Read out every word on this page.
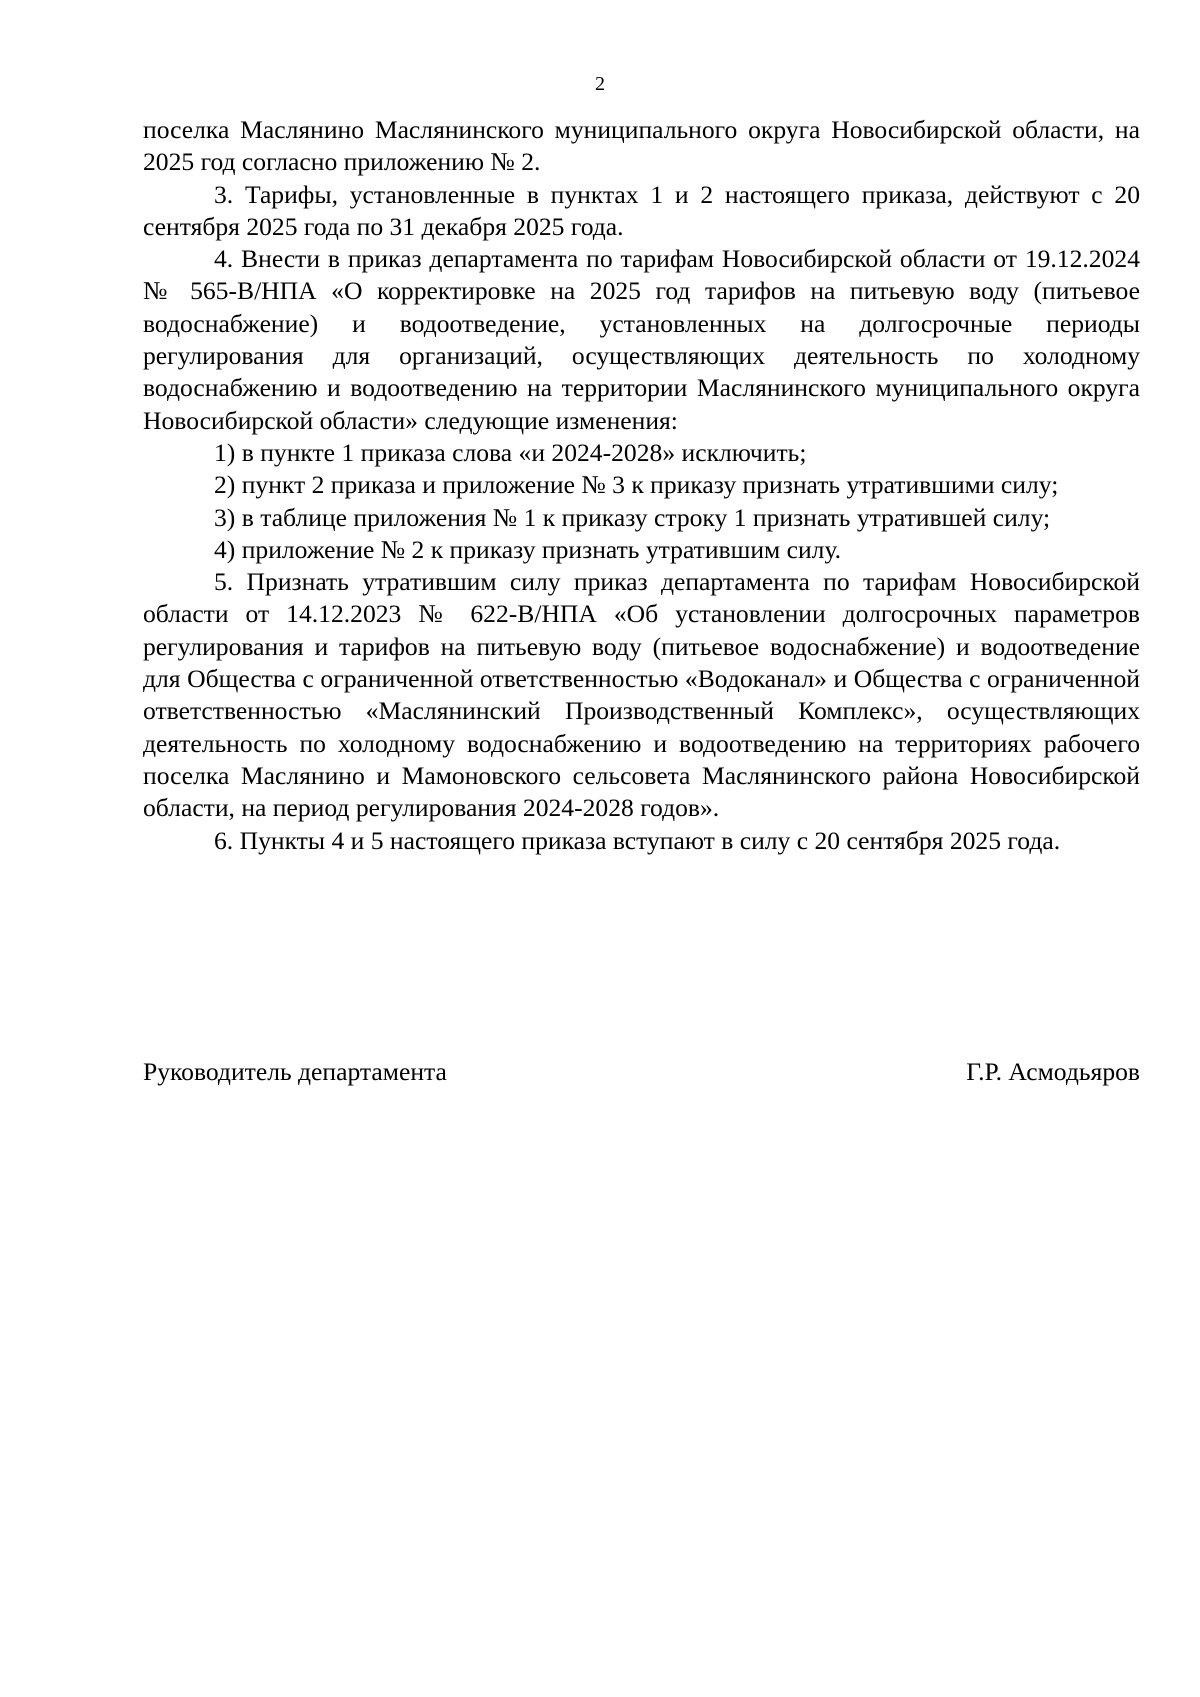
2

поселка Маслянино Маслянинского муниципального округа Новосибирской области, на 2025 год согласно приложению № 2.

3. Тарифы, установленные в пунктах 1 и 2 настоящего приказа, действуют с 20 сентября 2025 года по 31 декабря 2025 года.

4. Внести в приказ департамента по тарифам Новосибирской области от 19.12.2024 № 565-В/НПА «О корректировке на 2025 год тарифов на питьевую воду (питьевое водоснабжение) и водоотведение, установленных на долгосрочные периоды регулирования для организаций, осуществляющих деятельность по холодному водоснабжению и водоотведению на территории Маслянинского муниципального округа Новосибирской области» следующие изменения:

1) в пункте 1 приказа слова «и 2024-2028» исключить;

2) пункт 2 приказа и приложение № 3 к приказу признать утратившими силу;

3) в таблице приложения № 1 к приказу строку 1 признать утратившей силу;

4) приложение № 2 к приказу признать утратившим силу.

5. Признать утратившим силу приказ департамента по тарифам Новосибирской области от 14.12.2023 № 622-В/НПА «Об установлении долгосрочных параметров регулирования и тарифов на питьевую воду (питьевое водоснабжение) и водоотведение для Общества с ограниченной ответственностью «Водоканал» и Общества с ограниченной ответственностью «Маслянинский Производственный Комплекс», осуществляющих деятельность по холодному водоснабжению и водоотведению на территориях рабочего поселка Маслянино и Мамоновского сельсовета Маслянинского района Новосибирской области, на период регулирования 2024-2028 годов».

6. Пункты 4 и 5 настоящего приказа вступают в силу с 20 сентября 2025 года.

Руководитель департамента	Г.Р. Асмодьяров
